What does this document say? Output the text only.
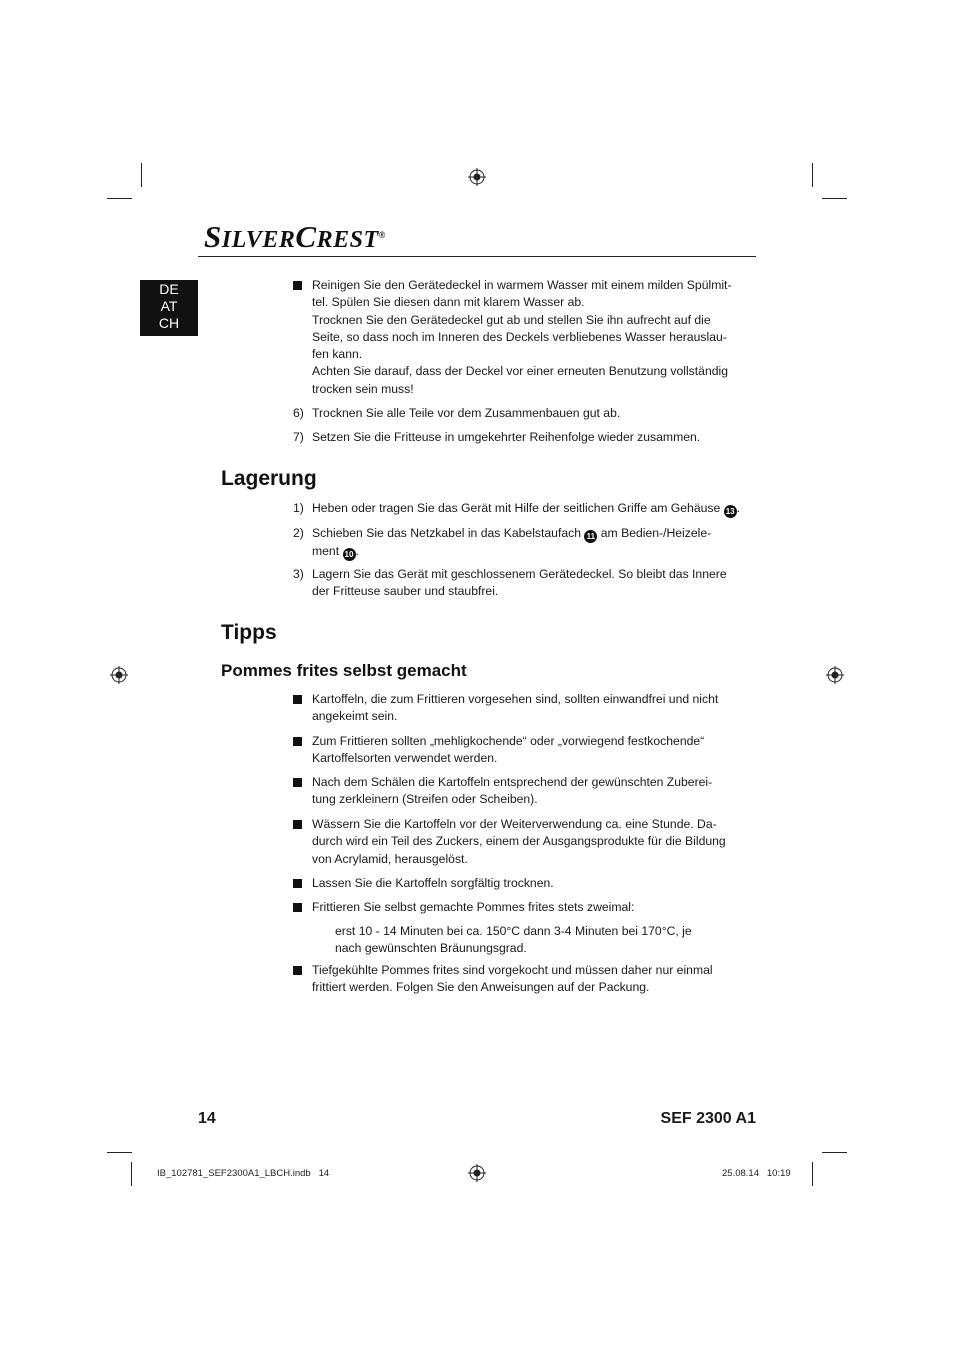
SILVERCREST®
DE
AT
CH
Reinigen Sie den Gerätedeckel in warmem Wasser mit einem milden Spülmit-
tel. Spülen Sie diesen dann mit klarem Wasser ab.
Trocknen Sie den Gerätedeckel gut ab und stellen Sie ihn aufrecht auf die
Seite, so dass noch im Inneren des Deckels verbliebenes Wasser herauslau-
fen kann.
Achten Sie darauf, dass der Deckel vor einer erneuten Benutzung vollständig
trocken sein muss!
6) Trocknen Sie alle Teile vor dem Zusammenbauen gut ab.
7) Setzen Sie die Fritteuse in umgekehrter Reihenfolge wieder zusammen.
Lagerung
1) Heben oder tragen Sie das Gerät mit Hilfe der seitlichen Griffe am Gehäuse 13 .
2) Schieben Sie das Netzkabel in das Kabelstaufach 11 am Bedien-/Heizele-
ment 10 .
3) Lagern Sie das Gerät mit geschlossenem Gerätedeckel. So bleibt das Innere
der Fritteuse sauber und staubfrei.
Tipps
Pommes frites selbst gemacht
Kartoffeln, die zum Frittieren vorgesehen sind, sollten einwandfrei und nicht
angekeimt sein.
Zum Frittieren sollten „mehligkochende“ oder „vorwiegend festkochende“
Kartoffelsorten verwendet werden.
Nach dem Schälen die Kartoffeln entsprechend der gewünschten Zuberei-
tung zerkleinern (Streifen oder Scheiben).
Wässern Sie die Kartoffeln vor der Weiterverwendung ca. eine Stunde. Da-
durch wird ein Teil des Zuckers, einem der Ausgangsprodukte für die Bildung
von Acrylamid, herausgelöst.
Lassen Sie die Kartoffeln sorgfältig trocknen.
Frittieren Sie selbst gemachte Pommes frites stets zweimal:
erst 10 - 14 Minuten bei ca. 150°C dann 3-4 Minuten bei 170°C, je
nach gewünschten Bräunungsgrad.
Tiefgekühlte Pommes frites sind vorgekocht und müssen daher nur einmal
frittiert werden. Folgen Sie den Anweisungen auf der Packung.
14	SEF 2300 A1
IB_102781_SEF2300A1_LBCH.indb   14	25.08.14   10:19
